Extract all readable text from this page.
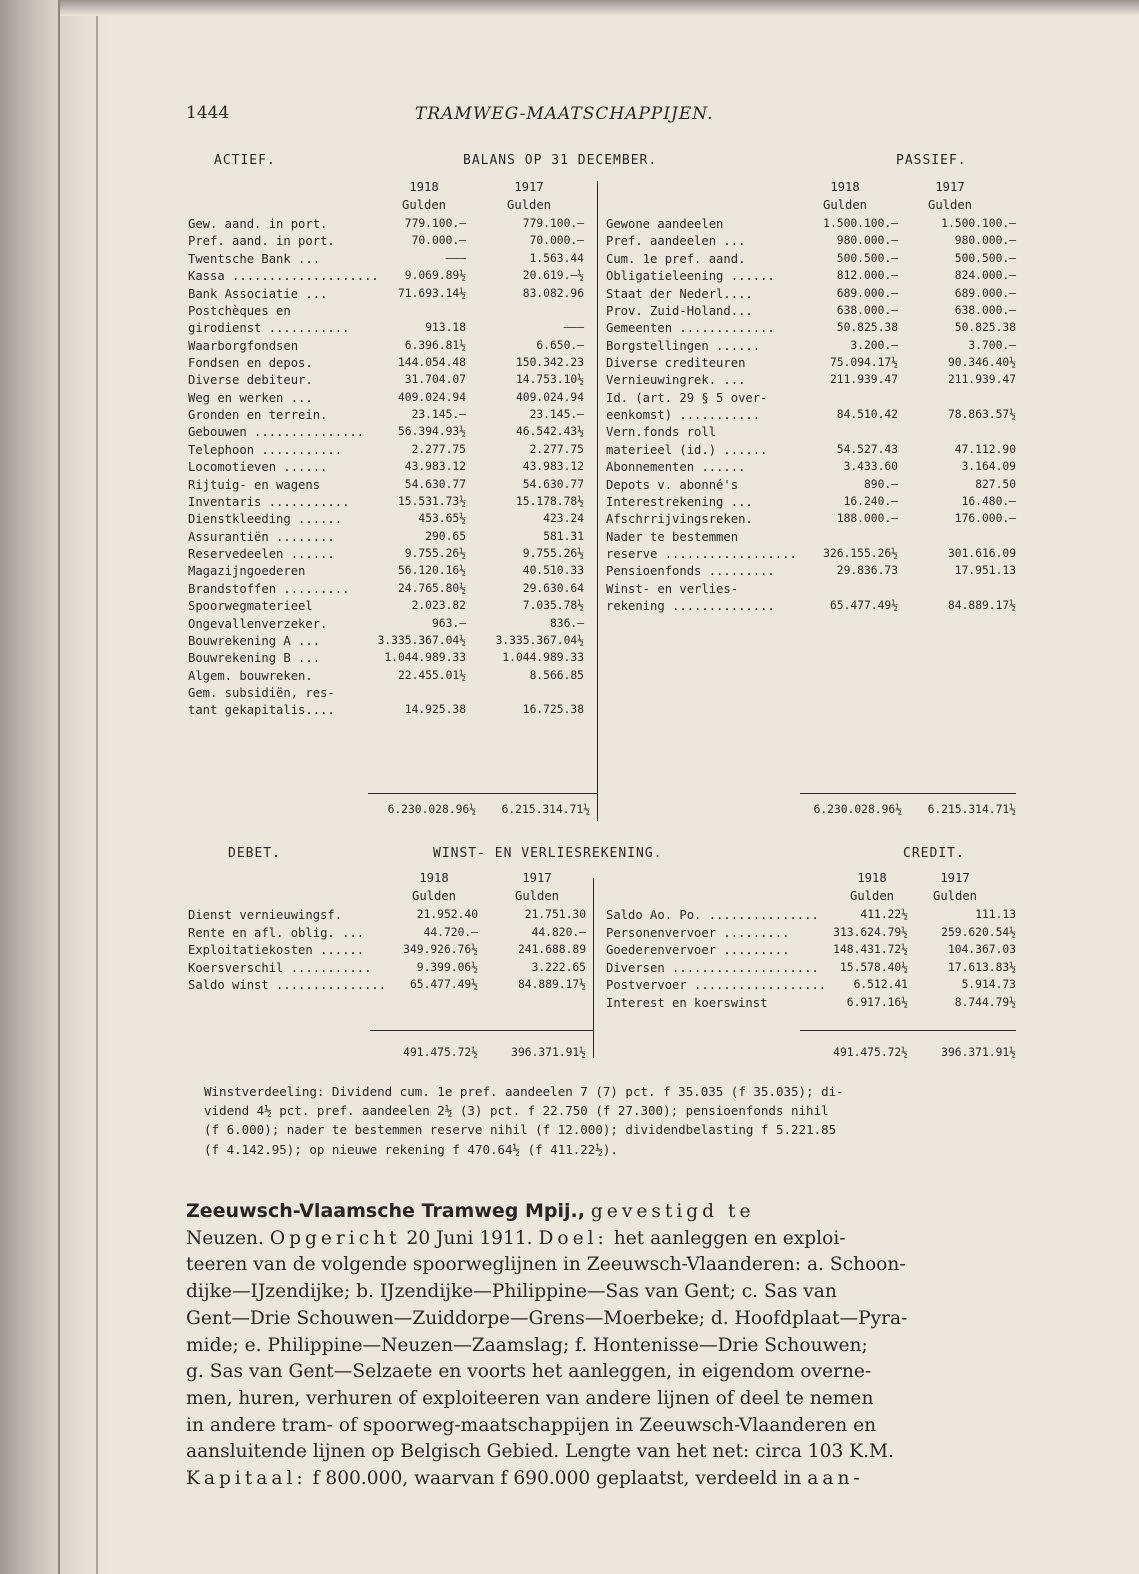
1444	TRAMWEG-MAATSCHAPPIJEN.
ACTIEF.	BALANS OP 31 DECEMBER.	PASSIEF.
1918
Gulden
1917
Gulden
1918
Gulden
1917
Gulden
Gew. aand. in port.	779.100.—	779.100.—
Pref. aand. in port.	70.000.—	70.000.—
Twentsche Bank ...	———	1.563.44
Kassa ....................	9.069.89½	20.619.—½
Bank Associatie ...	71.693.14½	83.082.96
Postchèques en
girodienst ...........	913.18	———
Waarborgfondsen	6.396.81½	6.650.—
Fondsen en depos.	144.054.48	150.342.23
Diverse debiteur.	31.704.07	14.753.10½
Weg en werken ...	409.024.94	409.024.94
Gronden en terrein.	23.145.—	23.145.—
Gebouwen ...............	56.394.93½	46.542.43½
Telephoon ...........	2.277.75	2.277.75
Locomotieven ......	43.983.12	43.983.12
Rijtuig- en wagens	54.630.77	54.630.77
Inventaris ...........	15.531.73½	15.178.78½
Dienstkleeding ......	453.65½	423.24
Assurantiën ........	290.65	581.31
Reservedeelen ......	9.755.26½	9.755.26½
Magazijngoederen	56.120.16½	40.510.33
Brandstoffen .........	24.765.80½	29.630.64
Spoorwegmaterieel	2.023.82	7.035.78½
Ongevallenverzeker.	963.—	836.—
Bouwrekening A ...	3.335.367.04½	3.335.367.04½
Bouwrekening B ...	1.044.989.33	1.044.989.33
Algem. bouwreken.	22.455.01½	8.566.85
Gem. subsidiën, res-
tant gekapitalis....	14.925.38	16.725.38
Gewone aandeelen	1.500.100.—	1.500.100.—
Pref. aandeelen ...	980.000.—	980.000.—
Cum. 1e pref. aand.	500.500.—	500.500.—
Obligatieleening ......	812.000.—	824.000.—
Staat der Nederl....	689.000.—	689.000.—
Prov. Zuid-Holand...	638.000.—	638.000.—
Gemeenten .............	50.825.38	50.825.38
Borgstellingen ......	3.200.—	3.700.—
Diverse crediteuren	75.094.17½	90.346.40½
Vernieuwingrek. ...	211.939.47	211.939.47
Id. (art. 29 § 5 over-
eenkomst) ...........	84.510.42	78.863.57½
Vern.fonds roll
materieel (id.) ......	54.527.43	47.112.90
Abonnementen ......	3.433.60	3.164.09
Depots v. abonné's	890.—	827.50
Interestrekening ...	16.240.—	16.480.—
Afschrrijvingsreken.	188.000.—	176.000.—
Nader te bestemmen
reserve ..................	326.155.26½	301.616.09
Pensioenfonds .........	29.836.73	17.951.13
Winst- en verlies-
rekening ..............	65.477.49½	84.889.17½
6.230.028.96½	6.215.314.71½	6.230.028.96½	6.215.314.71½
DEBET.	WINST- EN VERLIESREKENING.	CREDIT.
1918
Gulden
1917
Gulden
1918
Gulden
1917
Gulden
Dienst vernieuwingsf.	21.952.40	21.751.30
Rente en afl. oblig. ...	44.720.—	44.820.—
Exploitatiekosten ......	349.926.76½	241.688.89
Koersverschil ...........	9.399.06½	3.222.65
Saldo winst ...............	65.477.49½	84.889.17½
Saldo Ao. Po. ...............	411.22½	111.13
Personenvervoer .........	313.624.79½	259.620.54½
Goederenvervoer .........	148.431.72½	104.367.03
Diversen ....................	15.578.40½	17.613.83½
Postvervoer ..................	6.512.41	5.914.73
Interest en koerswinst	6.917.16½	8.744.79½
491.475.72½	396.371.91½	491.475.72½	396.371.91½
Winstverdeeling: Dividend cum. 1e pref. aandeelen 7 (7) pct. f 35.035 (f 35.035); di-
vidend 4½ pct. pref. aandeelen 2½ (3) pct. f 22.750 (f 27.300); pensioenfonds nihil
(f 6.000); nader te bestemmen reserve nihil (f 12.000); dividendbelasting f 5.221.85
(f 4.142.95); op nieuwe rekening f 470.64½ (f 411.22½).
Zeeuwsch-Vlaamsche Tramweg Mpij., gevestigd te
Neuzen. Opgericht 20 Juni 1911. Doel: het aanleggen en exploi-
teeren van de volgende spoorweglijnen in Zeeuwsch-Vlaanderen: a. Schoon-
dijke—IJzendijke; b. IJzendijke—Philippine—Sas van Gent; c. Sas van
Gent—Drie Schouwen—Zuiddorpe—Grens—Moerbeke; d. Hoofdplaat—Pyra-
mide; e. Philippine—Neuzen—Zaamslag; f. Hontenisse—Drie Schouwen;
g. Sas van Gent—Selzaete en voorts het aanleggen, in eigendom overne-
men, huren, verhuren of exploiteeren van andere lijnen of deel te nemen
in andere tram- of spoorweg-maatschappijen in Zeeuwsch-Vlaanderen en
aansluitende lijnen op Belgisch Gebied. Lengte van het net: circa 103 K.M.
Kapitaal: f 800.000, waarvan f 690.000 geplaatst, verdeeld in aan-
